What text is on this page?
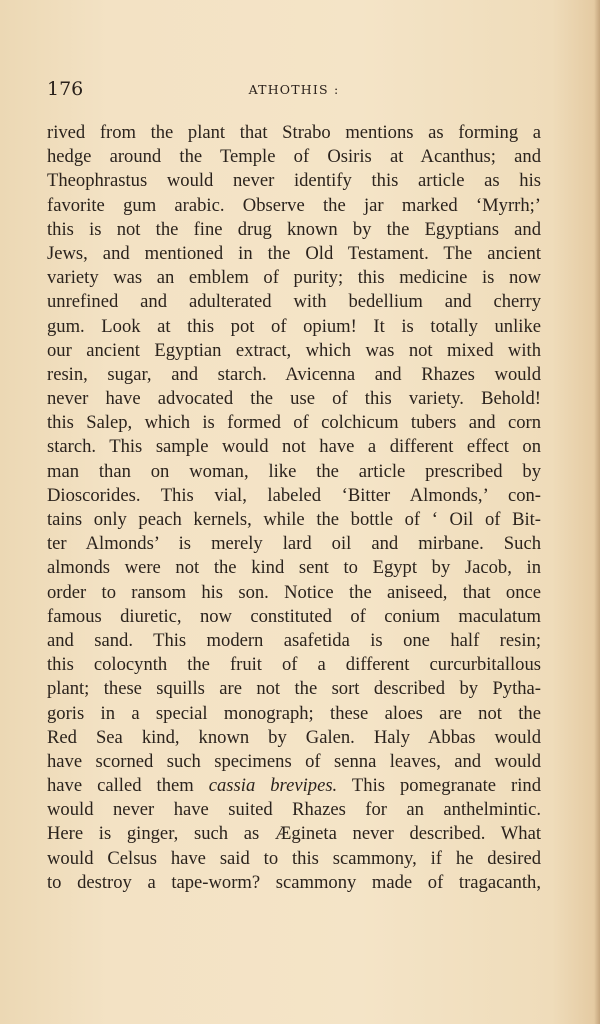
176	ATHOTHIS :
rived from the plant that Strabo mentions as forming a
hedge around the Temple of Osiris at Acanthus; and
Theophrastus would never identify this article as his
favorite gum arabic. Observe the jar marked ‘Myrrh;’
this is not the fine drug known by the Egyptians and
Jews, and mentioned in the Old Testament. The ancient
variety was an emblem of purity; this medicine is now
unrefined and adulterated with bedellium and cherry
gum. Look at this pot of opium! It is totally unlike
our ancient Egyptian extract, which was not mixed with
resin, sugar, and starch. Avicenna and Rhazes would
never have advocated the use of this variety. Behold!
this Salep, which is formed of colchicum tubers and corn
starch. This sample would not have a different effect on
man than on woman, like the article prescribed by
Dioscorides. This vial, labeled ‘Bitter Almonds,’ con-
tains only peach kernels, while the bottle of ‘ Oil of Bit-
ter Almonds’ is merely lard oil and mirbane. Such
almonds were not the kind sent to Egypt by Jacob, in
order to ransom his son. Notice the aniseed, that once
famous diuretic, now constituted of conium maculatum
and sand. This modern asafetida is one half resin;
this colocynth the fruit of a different curcurbitallous
plant; these squills are not the sort described by Pytha-
goris in a special monograph; these aloes are not the
Red Sea kind, known by Galen. Haly Abbas would
have scorned such specimens of senna leaves, and would
have called them cassia brevipes. This pomegranate rind
would never have suited Rhazes for an anthelmintic.
Here is ginger, such as Ægineta never described. What
would Celsus have said to this scammony, if he desired
to destroy a tape-worm? scammony made of tragacanth,
